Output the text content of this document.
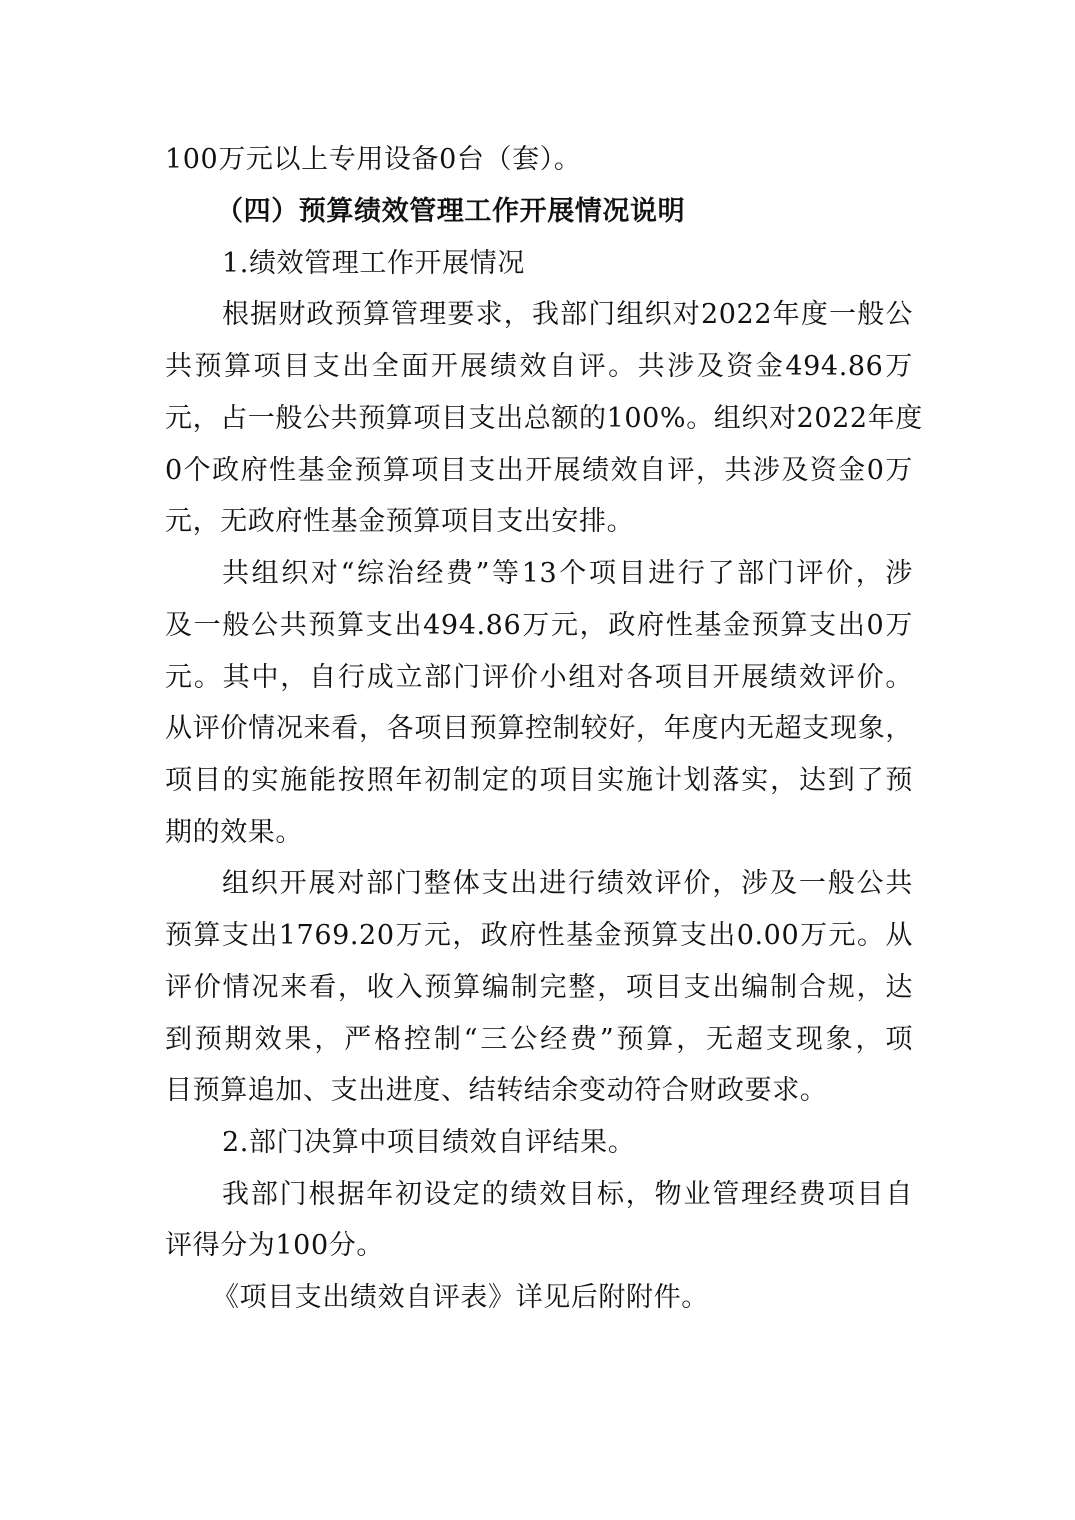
100万元以上专用设备0台（套）。
（四）预算绩效管理工作开展情况说明
1.绩效管理工作开展情况
根据财政预算管理要求，我部门组织对2022年度一般公
共预算项目支出全面开展绩效自评。共涉及资金494.86万
元，占一般公共预算项目支出总额的100%。组织对2022年度
0个政府性基金预算项目支出开展绩效自评，共涉及资金0万
元，无政府性基金预算项目支出安排。
共组织对“综治经费”等13个项目进行了部门评价，涉
及一般公共预算支出494.86万元，政府性基金预算支出0万
元。其中，自行成立部门评价小组对各项目开展绩效评价。
从评价情况来看，各项目预算控制较好，年度内无超支现象，
项目的实施能按照年初制定的项目实施计划落实，达到了预
期的效果。
组织开展对部门整体支出进行绩效评价，涉及一般公共
预算支出1769.20万元，政府性基金预算支出0.00万元。从
评价情况来看，收入预算编制完整，项目支出编制合规，达
到预期效果，严格控制“三公经费”预算，无超支现象，项
目预算追加、支出进度、结转结余变动符合财政要求。
2.部门决算中项目绩效自评结果。
我部门根据年初设定的绩效目标，物业管理经费项目自
评得分为100分。
《项目支出绩效自评表》详见后附附件。
